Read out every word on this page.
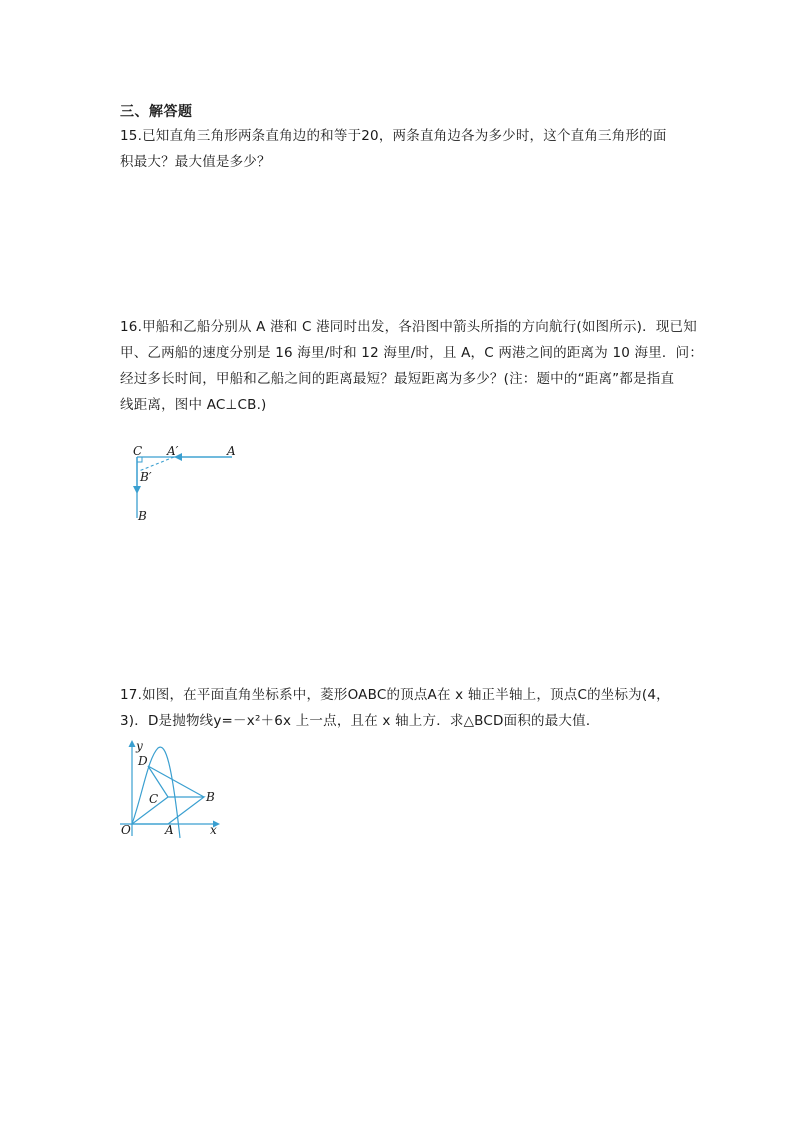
三、解答题
15.已知直角三角形两条直角边的和等于20，两条直角边各为多少时，这个直角三角形的面
积最大？最大值是多少？
16.甲船和乙船分别从 A 港和 C 港同时出发，各沿图中箭头所指的方向航行(如图所示)．现已知
甲、乙两船的速度分别是 16 海里/时和 12 海里/时，且 A，C 两港之间的距离为 10 海里．问：
经过多长时间，甲船和乙船之间的距离最短？最短距离为多少？(注：题中的“距离”都是指直
线距离，图中 AC⊥CB.)
C A′	A
B′
B
17.如图，在平面直角坐标系中，菱形OABC的顶点A在 x 轴正半轴上，顶点C的坐标为(4，
3)．D是抛物线y=－x²＋6x 上一点，且在 x 轴上方．求△BCD面积的最大值．
y
D
C	B
O	A	x
